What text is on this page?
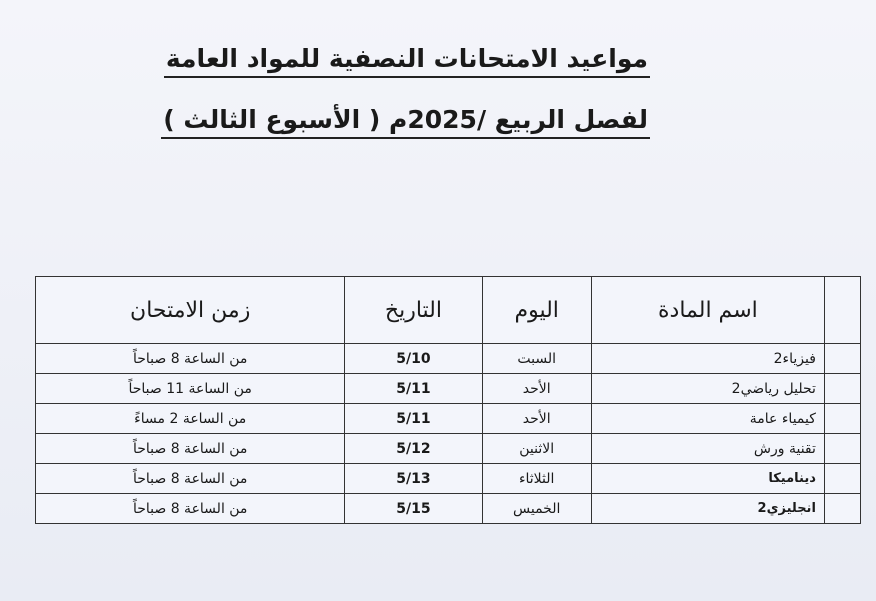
مواعيد الامتحانات النصفية للمواد العامة
لفصل الربيع /2025م ( الأسبوع الثالث )
زمن الامتحان	التاريخ	اليوم	اسم المادة	
من الساعة 8 صباحاً	5/10	السبت	فيزياء2	
من الساعة 11 صباحاً	5/11	الأحد	تحليل رياضي2	
من الساعة 2 مساءً	5/11	الأحد	كيمياء عامة	
من الساعة 8 صباحاً	5/12	الاثنين	تقنية ورش	
من الساعة 8 صباحاً	5/13	الثلاثاء	ديناميكا	
من الساعة 8 صباحاً	5/15	الخميس	انجليزي2	
